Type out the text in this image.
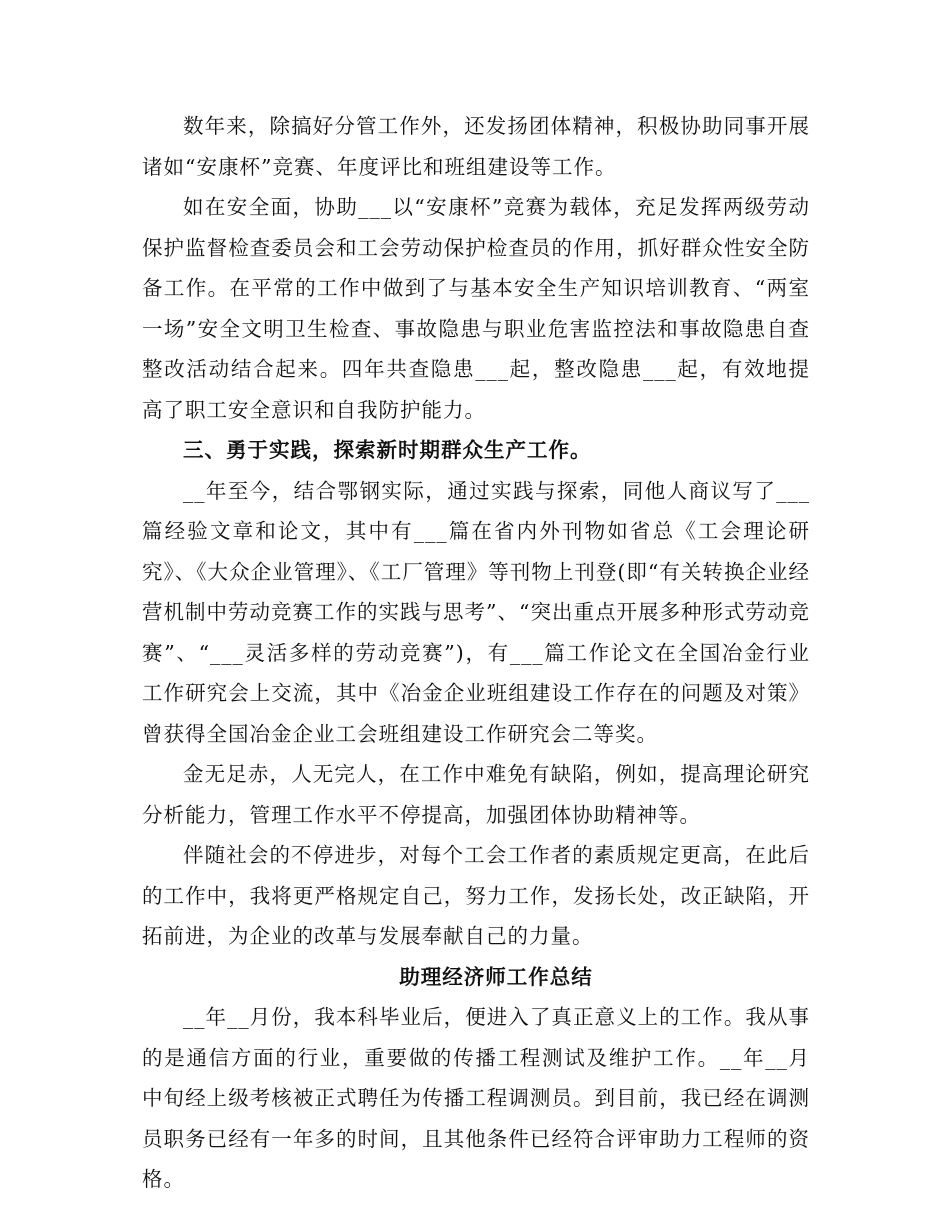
数年来，除搞好分管工作外，还发扬团体精神，积极协助同事开展诸如“安康杯”竞赛、年度评比和班组建设等工作。

如在安全面，协助___以“安康杯”竞赛为载体，充足发挥两级劳动保护监督检查委员会和工会劳动保护检查员的作用，抓好群众性安全防备工作。在平常的工作中做到了与基本安全生产知识培训教育、“两室一场”安全文明卫生检查、事故隐患与职业危害监控法和事故隐患自查整改活动结合起来。四年共查隐患___起，整改隐患___起，有效地提高了职工安全意识和自我防护能力。

三、勇于实践，探索新时期群众生产工作。

__年至今，结合鄂钢实际，通过实践与探索，同他人商议写了___篇经验文章和论文，其中有___篇在省内外刊物如省总《工会理论研究》、《大众企业管理》、《工厂管理》等刊物上刊登(即“有关转换企业经营机制中劳动竞赛工作的实践与思考”、“突出重点开展多种形式劳动竞赛”、“___灵活多样的劳动竞赛”)，有___篇工作论文在全国冶金行业工作研究会上交流，其中《冶金企业班组建设工作存在的问题及对策》曾获得全国冶金企业工会班组建设工作研究会二等奖。

金无足赤，人无完人，在工作中难免有缺陷，例如，提高理论研究分析能力，管理工作水平不停提高，加强团体协助精神等。

伴随社会的不停进步，对每个工会工作者的素质规定更高，在此后的工作中，我将更严格规定自己，努力工作，发扬长处，改正缺陷，开拓前进，为企业的改革与发展奉献自己的力量。

助理经济师工作总结

__年__月份，我本科毕业后，便进入了真正意义上的工作。我从事的是通信方面的行业，重要做的传播工程测试及维护工作。__年__月中旬经上级考核被正式聘任为传播工程调测员。到目前，我已经在调测员职务已经有一年多的时间，且其他条件已经符合评审助力工程师的资格。
